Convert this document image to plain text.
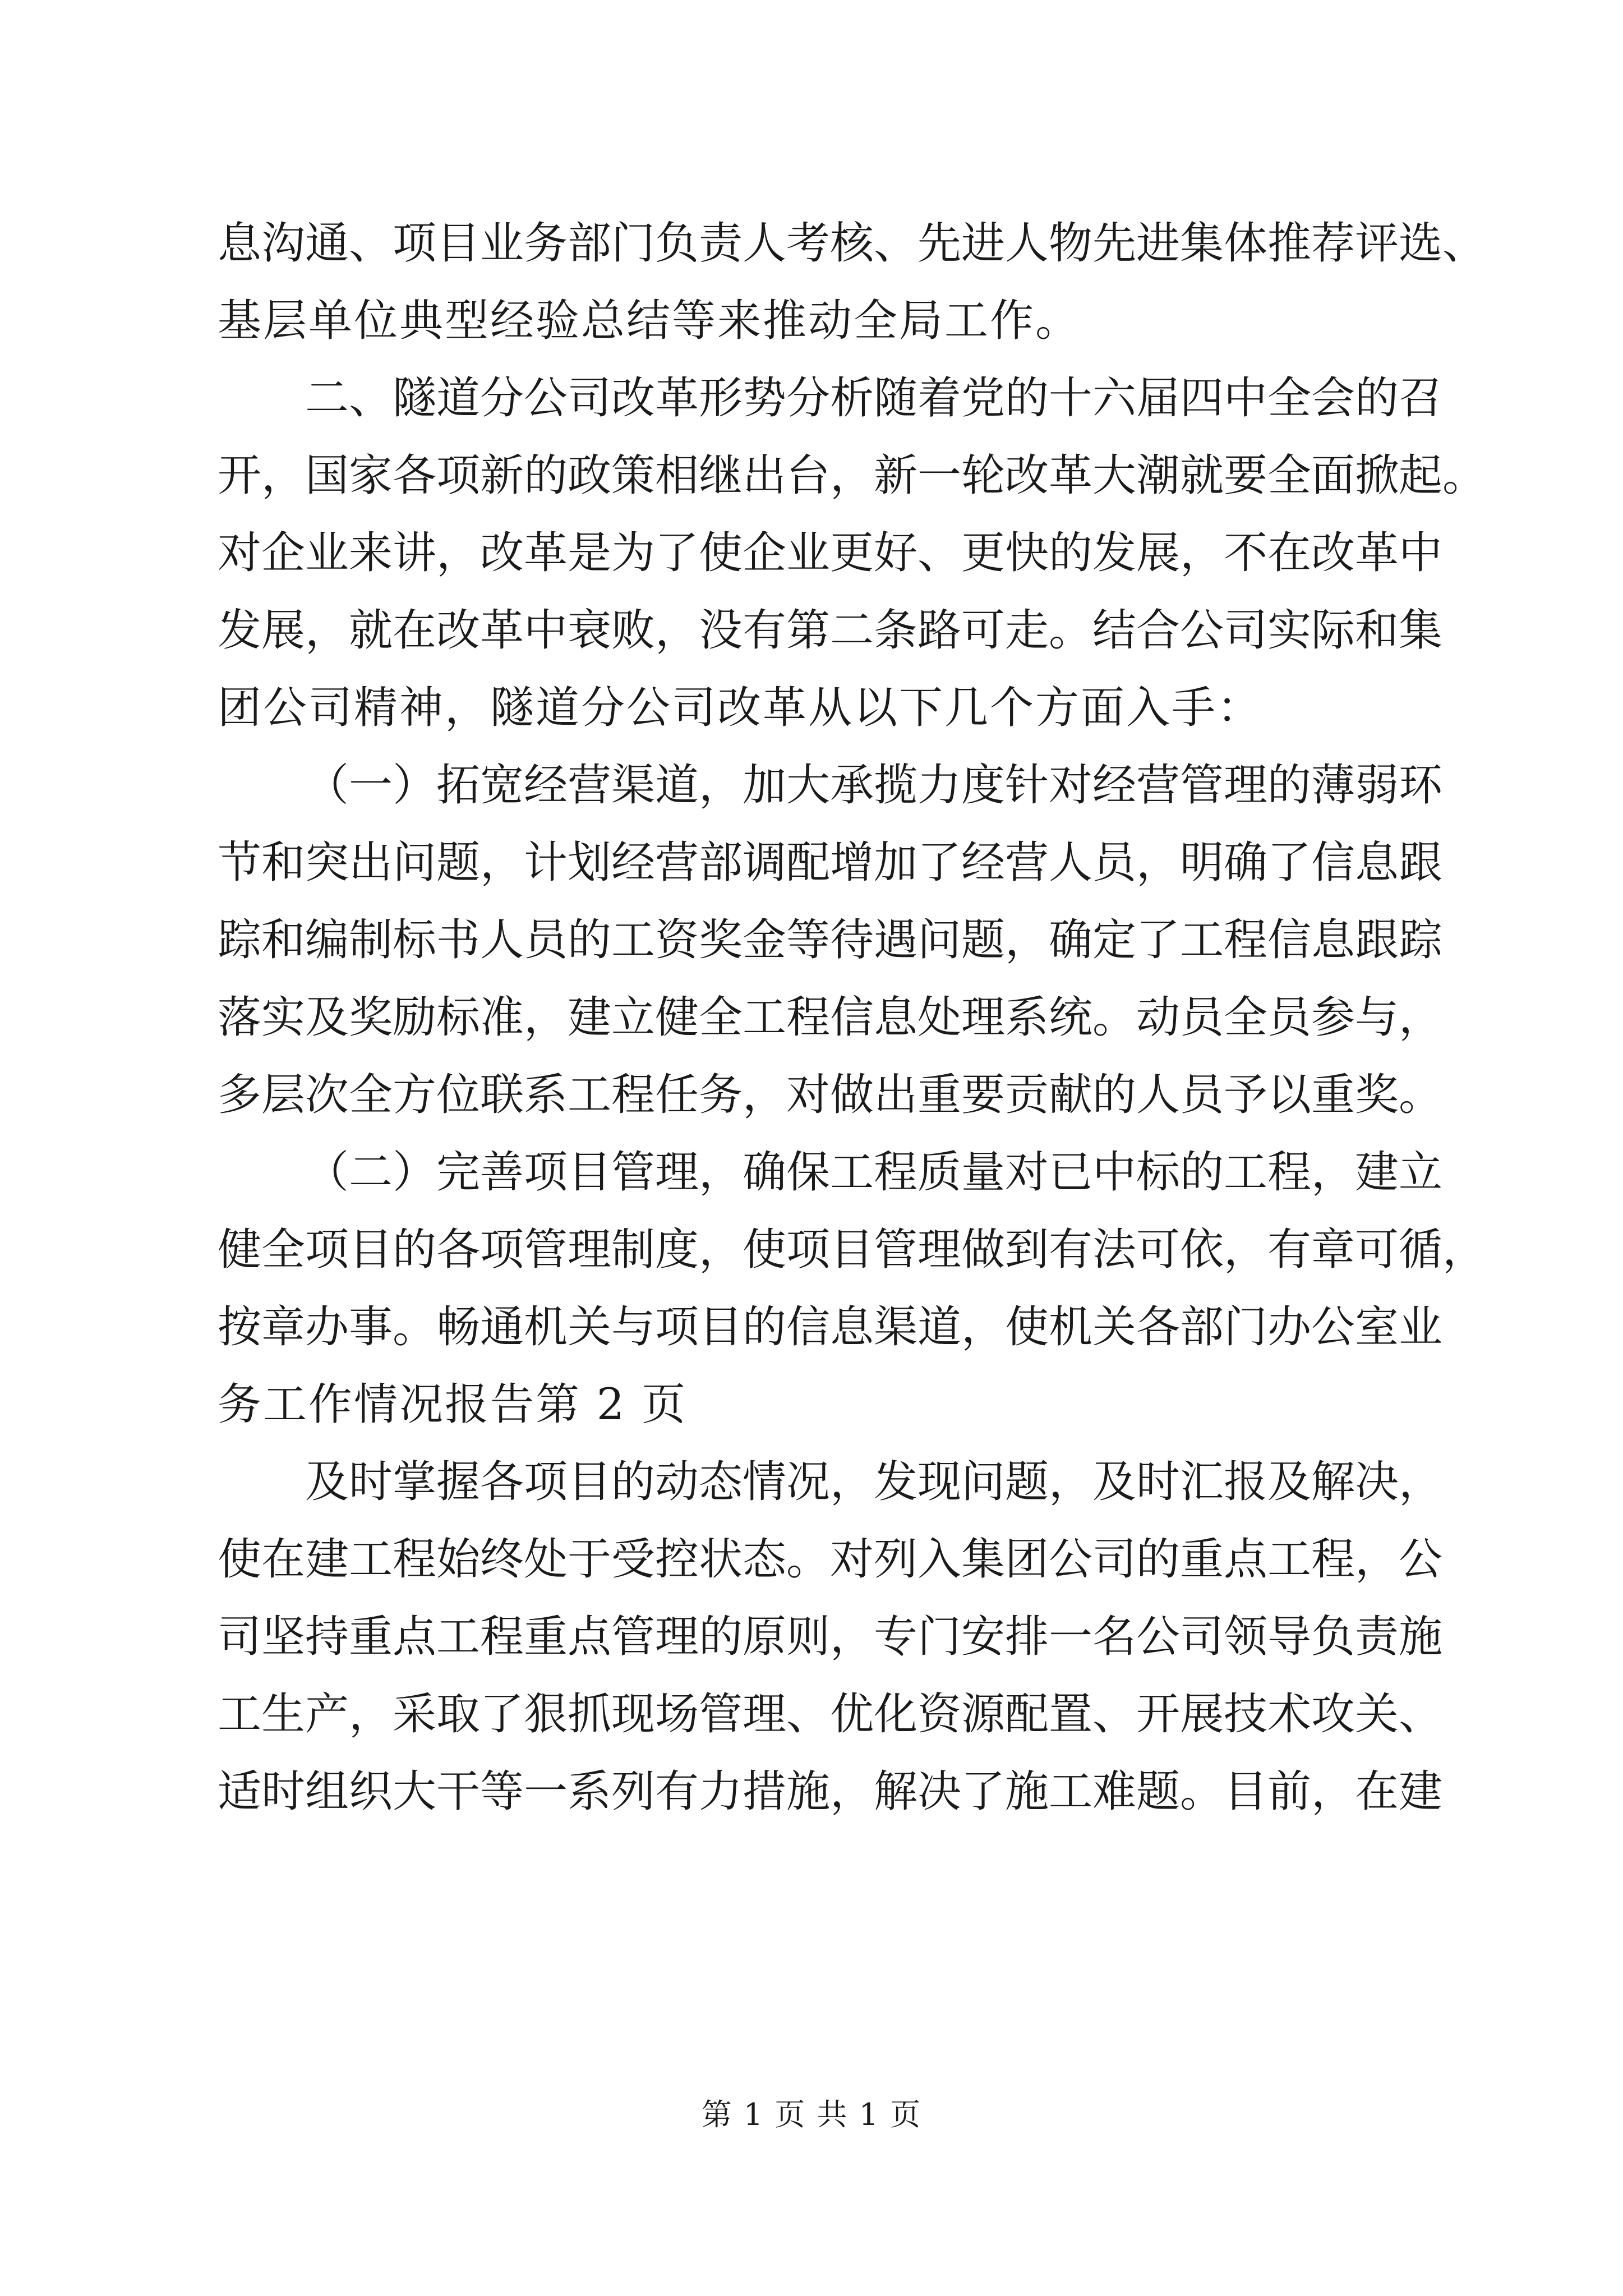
息沟通、项目业务部门负责人考核、先进人物先进集体推荐评选、
基层单位典型经验总结等来推动全局工作。
二、隧道分公司改革形势分析随着党的十六届四中全会的召
开，国家各项新的政策相继出台，新一轮改革大潮就要全面掀起。
对企业来讲，改革是为了使企业更好、更快的发展，不在改革中
发展，就在改革中衰败，没有第二条路可走。结合公司实际和集
团公司精神，隧道分公司改革从以下几个方面入手：
（一）拓宽经营渠道，加大承揽力度针对经营管理的薄弱环
节和突出问题，计划经营部调配增加了经营人员，明确了信息跟
踪和编制标书人员的工资奖金等待遇问题，确定了工程信息跟踪
落实及奖励标准，建立健全工程信息处理系统。动员全员参与，
多层次全方位联系工程任务，对做出重要贡献的人员予以重奖。
（二）完善项目管理，确保工程质量对已中标的工程，建立
健全项目的各项管理制度，使项目管理做到有法可依，有章可循，
按章办事。畅通机关与项目的信息渠道，使机关各部门办公室业
务工作情况报告第 2 页
及时掌握各项目的动态情况，发现问题，及时汇报及解决，
使在建工程始终处于受控状态。对列入集团公司的重点工程，公
司坚持重点工程重点管理的原则，专门安排一名公司领导负责施
工生产，采取了狠抓现场管理、优化资源配置、开展技术攻关、
适时组织大干等一系列有力措施，解决了施工难题。目前，在建
第 1 页 共 1 页
